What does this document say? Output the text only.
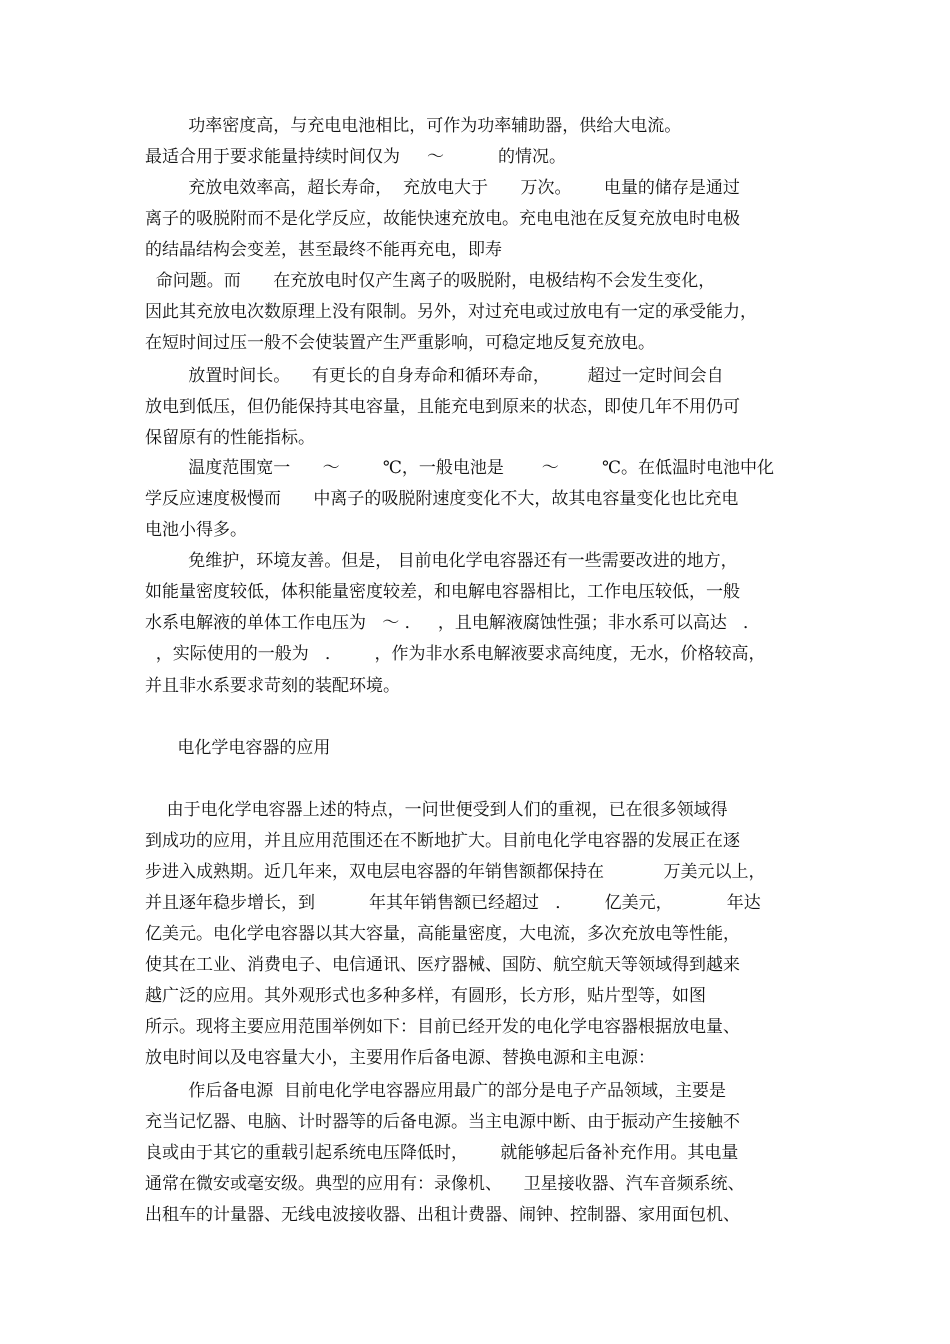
功率密度高，与充电电池相比，可作为功率辅助器，供给大电流。
最适合用于要求能量持续时间仅为     ～          的情况。
充放电效率高，超长寿命，  充放电大于      万次。      电量的储存是通过
离子的吸脱附而不是化学反应，故能快速充放电。充电电池在反复充放电时电极
的结晶结构会变差，甚至最终不能再充电，即寿
命问题。而      在充放电时仅产生离子的吸脱附，电极结构不会发生变化，
因此其充放电次数原理上没有限制。另外，对过充电或过放电有一定的承受能力，
在短时间过压一般不会使装置产生严重影响，可稳定地反复充放电。
放置时间长。    有更长的自身寿命和循环寿命，       超过一定时间会自
放电到低压，但仍能保持其电容量，且能充电到原来的状态，即使几年不用仍可
保留原有的性能指标。
温度范围宽一      ～        ℃，一般电池是       ～        ℃。在低温时电池中化
学反应速度极慢而      中离子的吸脱附速度变化不大，故其电容量变化也比充电
电池小得多。
免维护，环境友善。但是， 目前电化学电容器还有一些需要改进的地方，
如能量密度较低，体积能量密度较差，和电解电容器相比，工作电压较低，一般
水系电解液的单体工作电压为   ～ ．   ，且电解液腐蚀性强；非水系可以高达   ．
，实际使用的一般为   ．      ，作为非水系电解液要求高纯度，无水，价格较高，
并且非水系要求苛刻的装配环境。
电化学电容器的应用
由于电化学电容器上述的特点，一问世便受到人们的重视，已在很多领域得
到成功的应用，并且应用范围还在不断地扩大。目前电化学电容器的发展正在逐
步进入成熟期。近几年来，双电层电容器的年销售额都保持在           万美元以上，
并且逐年稳步增长，到          年其年销售额已经超过   ．      亿美元，          年达
亿美元。电化学电容器以其大容量，高能量密度，大电流，多次充放电等性能，
使其在工业、消费电子、电信通讯、医疗器械、国防、航空航天等领域得到越来
越广泛的应用。其外观形式也多种多样，有圆形，长方形，贴片型等，如图
所示。现将主要应用范围举例如下：目前已经开发的电化学电容器根据放电量、
放电时间以及电容量大小，主要用作后备电源、替换电源和主电源：
作后备电源  目前电化学电容器应用最广的部分是电子产品领域，主要是
充当记忆器、电脑、计时器等的后备电源。当主电源中断、由于振动产生接触不
良或由于其它的重载引起系统电压降低时，      就能够起后备补充作用。其电量
通常在微安或毫安级。典型的应用有：录像机、    卫星接收器、汽车音频系统、
出租车的计量器、无线电波接收器、出租计费器、闹钟、控制器、家用面包机、
